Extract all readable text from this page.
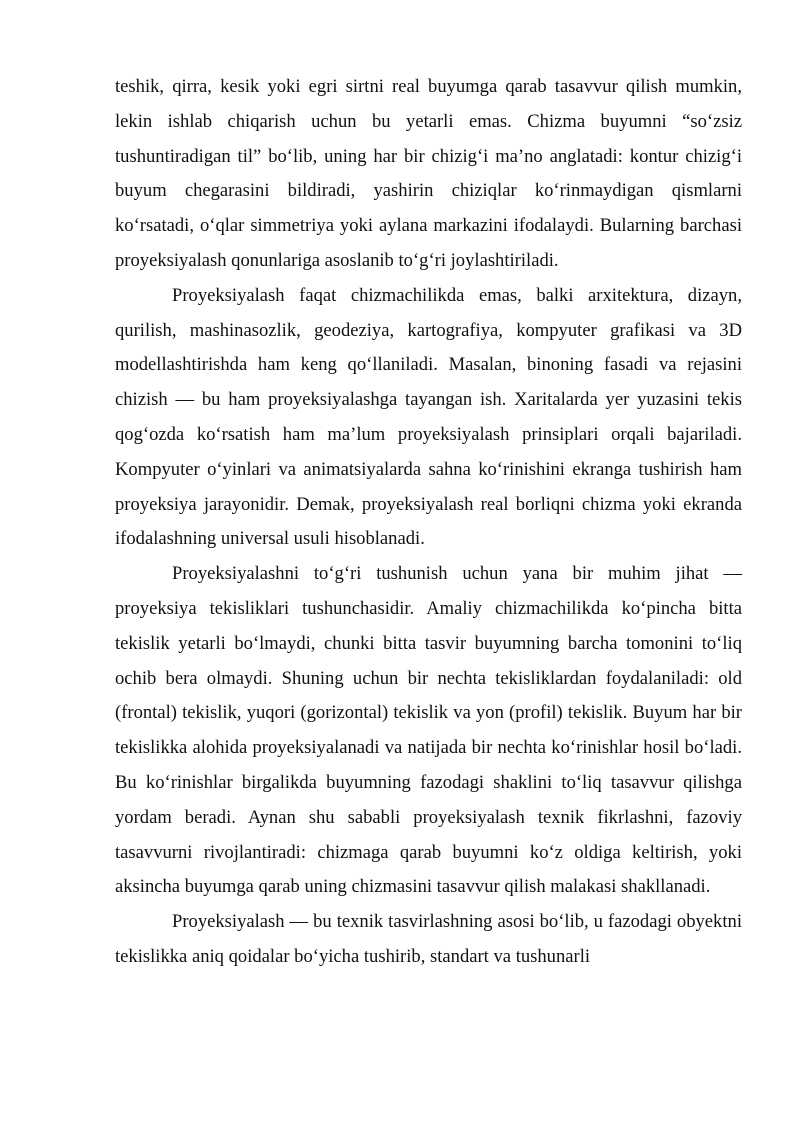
teshik, qirra, kesik yoki egri sirtni real buyumga qarab tasavvur qilish mumkin, lekin ishlab chiqarish uchun bu yetarli emas. Chizma buyumni “so‘zsiz tushuntiradigan til” bo‘lib, uning har bir chizig‘i ma’no anglatadi: kontur chizig‘i buyum chegarasini bildiradi, yashirin chiziqlar ko‘rinmaydigan qismlarni ko‘rsatadi, o‘qlar simmetriya yoki aylana markazini ifodalaydi. Bularning barchasi proyeksiyalash qonunlariga asoslanib to‘g‘ri joylashtiriladi.

Proyeksiyalash faqat chizmachilikda emas, balki arxitektura, dizayn, qurilish, mashinasozlik, geodeziya, kartografiya, kompyuter grafikasi va 3D modellashtirishda ham keng qo‘llaniladi. Masalan, binoning fasadi va rejasini chizish — bu ham proyeksiyalashga tayangan ish. Xaritalarda yer yuzasini tekis qog‘ozda ko‘rsatish ham ma’lum proyeksiyalash prinsiplari orqali bajariladi. Kompyuter o‘yinlari va animatsiyalarda sahna ko‘rinishini ekranga tushirish ham proyeksiya jarayonidir. Demak, proyeksiyalash real borliqni chizma yoki ekranda ifodalashning universal usuli hisoblanadi.

Proyeksiyalashni to‘g‘ri tushunish uchun yana bir muhim jihat — proyeksiya tekisliklari tushunchasidir. Amaliy chizmachilikda ko‘pincha bitta tekislik yetarli bo‘lmaydi, chunki bitta tasvir buyumning barcha tomonini to‘liq ochib bera olmaydi. Shuning uchun bir nechta tekisliklardan foydalaniladi: old (frontal) tekislik, yuqori (gorizontal) tekislik va yon (profil) tekislik. Buyum har bir tekislikka alohida proyeksiyalanadi va natijada bir nechta ko‘rinishlar hosil bo‘ladi. Bu ko‘rinishlar birgalikda buyumning fazodagi shaklini to‘liq tasavvur qilishga yordam beradi. Aynan shu sababli proyeksiyalash texnik fikrlashni, fazoviy tasavvurni rivojlantiradi: chizmaga qarab buyumni ko‘z oldiga keltirish, yoki aksincha buyumga qarab uning chizmasini tasavvur qilish malakasi shakllanadi.

Proyeksiyalash — bu texnik tasvirlashning asosi bo‘lib, u fazodagi obyektni tekislikka aniq qoidalar bo‘yicha tushirib, standart va tushunarli
